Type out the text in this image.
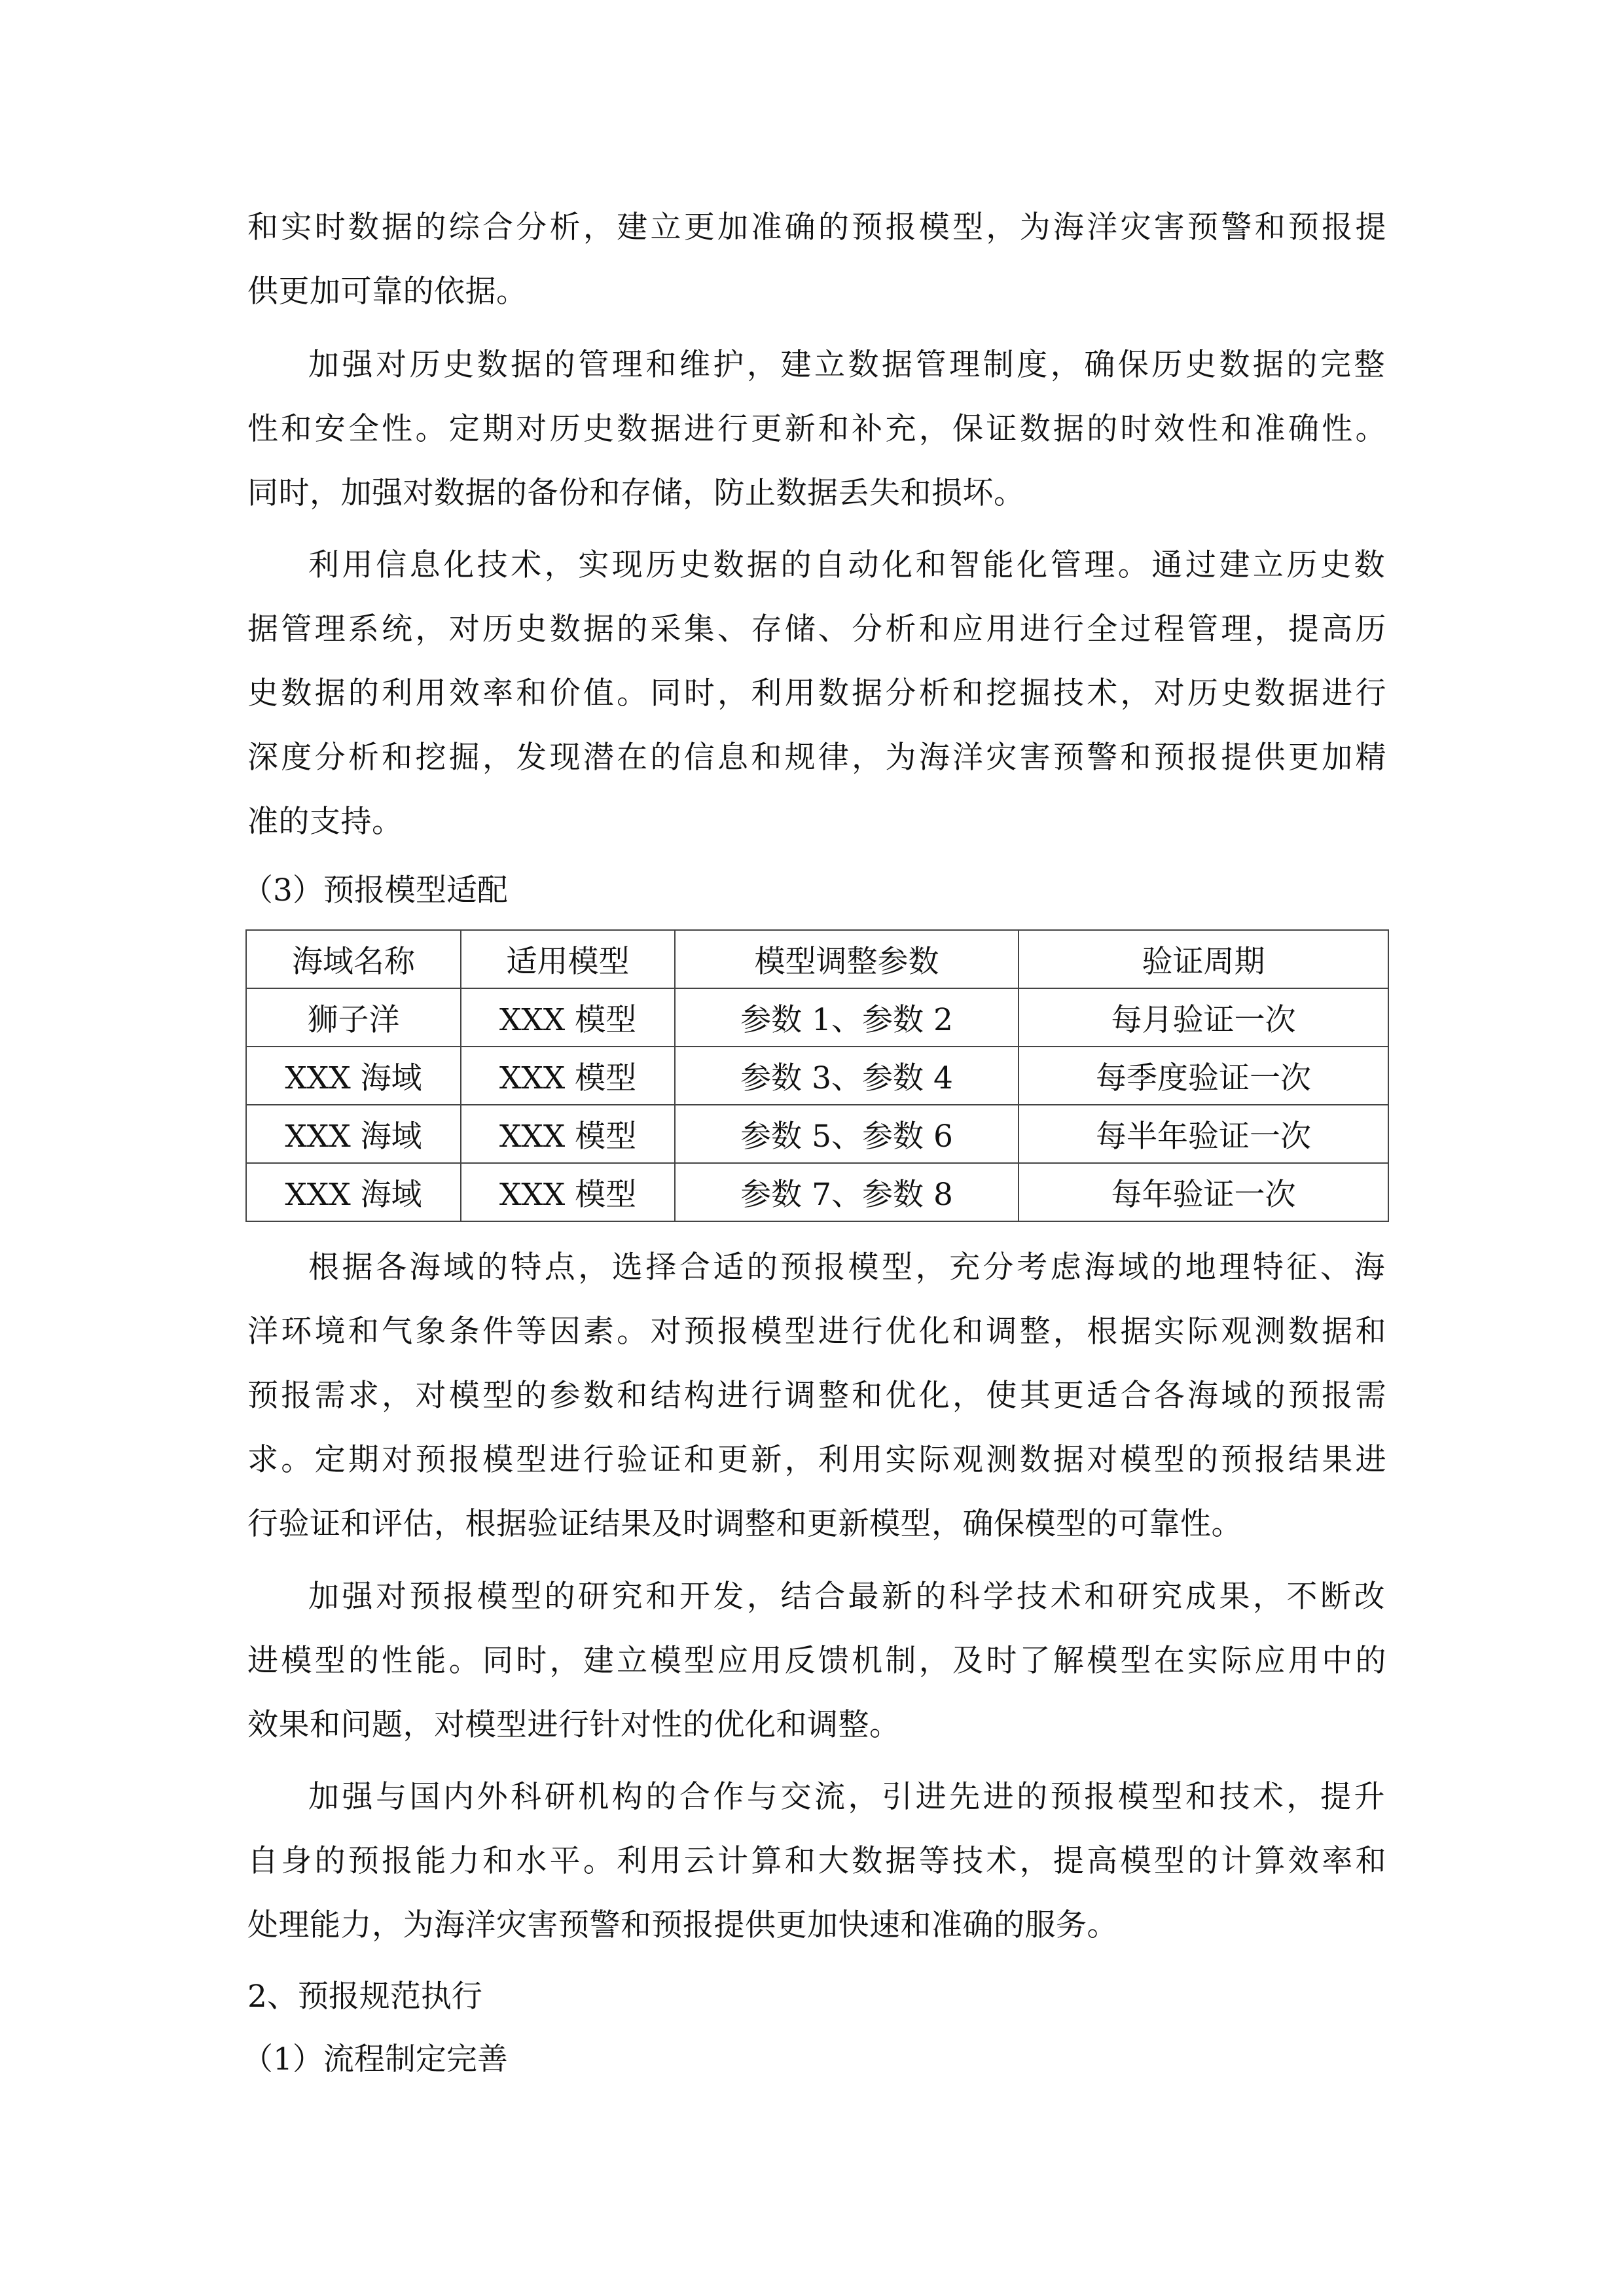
和实时数据的综合分析，建立更加准确的预报模型，为海洋灾害预警和预报提
供更加可靠的依据。
加强对历史数据的管理和维护，建立数据管理制度，确保历史数据的完整
性和安全性。定期对历史数据进行更新和补充，保证数据的时效性和准确性。
同时，加强对数据的备份和存储，防止数据丢失和损坏。
利用信息化技术，实现历史数据的自动化和智能化管理。通过建立历史数
据管理系统，对历史数据的采集、存储、分析和应用进行全过程管理，提高历
史数据的利用效率和价值。同时，利用数据分析和挖掘技术，对历史数据进行
深度分析和挖掘，发现潜在的信息和规律，为海洋灾害预警和预报提供更加精
准的支持。
（3）预报模型适配
海域名称	适用模型	模型调整参数	验证周期
狮子洋	XXX 模型	参数 1、参数 2	每月验证一次
XXX 海域	XXX 模型	参数 3、参数 4	每季度验证一次
XXX 海域	XXX 模型	参数 5、参数 6	每半年验证一次
XXX 海域	XXX 模型	参数 7、参数 8	每年验证一次
根据各海域的特点，选择合适的预报模型，充分考虑海域的地理特征、海
洋环境和气象条件等因素。对预报模型进行优化和调整，根据实际观测数据和
预报需求，对模型的参数和结构进行调整和优化，使其更适合各海域的预报需
求。定期对预报模型进行验证和更新，利用实际观测数据对模型的预报结果进
行验证和评估，根据验证结果及时调整和更新模型，确保模型的可靠性。
加强对预报模型的研究和开发，结合最新的科学技术和研究成果，不断改
进模型的性能。同时，建立模型应用反馈机制，及时了解模型在实际应用中的
效果和问题，对模型进行针对性的优化和调整。
加强与国内外科研机构的合作与交流，引进先进的预报模型和技术，提升
自身的预报能力和水平。利用云计算和大数据等技术，提高模型的计算效率和
处理能力，为海洋灾害预警和预报提供更加快速和准确的服务。
2、预报规范执行
（1）流程制定完善
